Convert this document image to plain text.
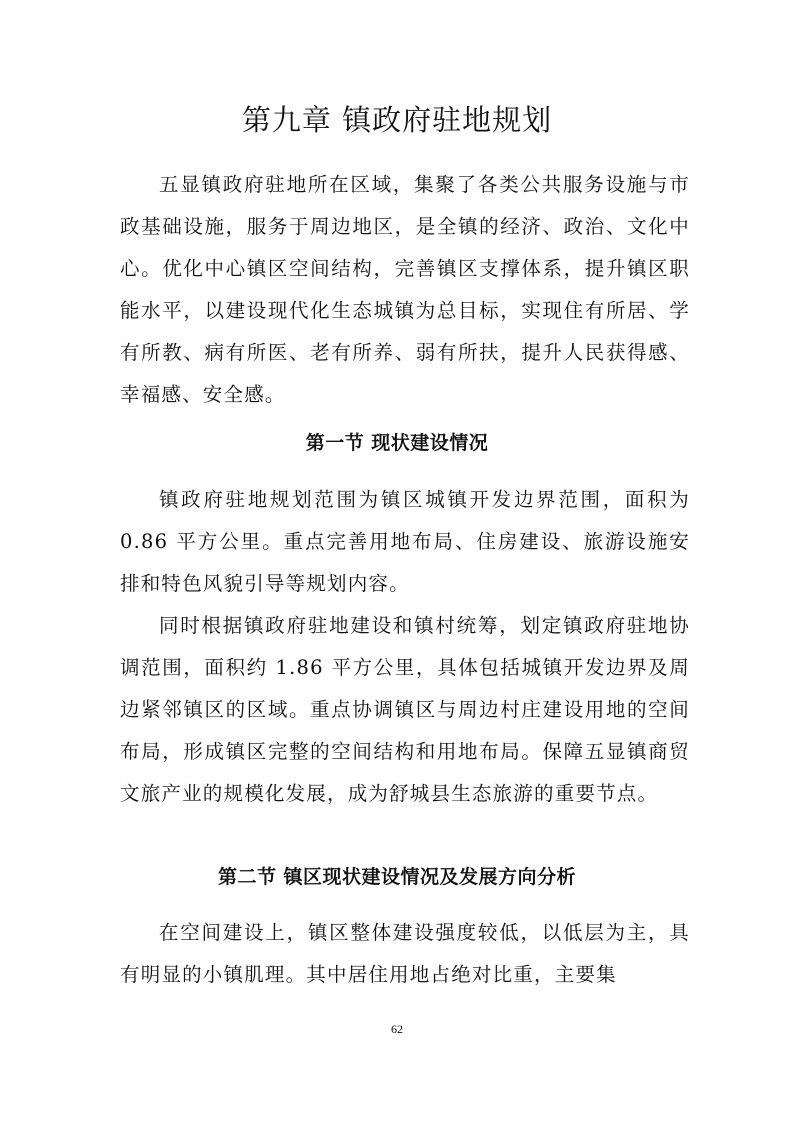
第九章 镇政府驻地规划

五显镇政府驻地所在区域，集聚了各类公共服务设施与市政基础设施，服务于周边地区，是全镇的经济、政治、文化中心。优化中心镇区空间结构，完善镇区支撑体系，提升镇区职能水平，以建设现代化生态城镇为总目标，实现住有所居、学有所教、病有所医、老有所养、弱有所扶，提升人民获得感、幸福感、安全感。

第一节 现状建设情况

镇政府驻地规划范围为镇区城镇开发边界范围，面积为 0.86 平方公里。重点完善用地布局、住房建设、旅游设施安排和特色风貌引导等规划内容。

同时根据镇政府驻地建设和镇村统筹，划定镇政府驻地协调范围，面积约 1.86 平方公里，具体包括城镇开发边界及周边紧邻镇区的区域。重点协调镇区与周边村庄建设用地的空间布局，形成镇区完整的空间结构和用地布局。保障五显镇商贸文旅产业的规模化发展，成为舒城县生态旅游的重要节点。

第二节 镇区现状建设情况及发展方向分析

在空间建设上，镇区整体建设强度较低，以低层为主，具有明显的小镇肌理。其中居住用地占绝对比重，主要集

62
